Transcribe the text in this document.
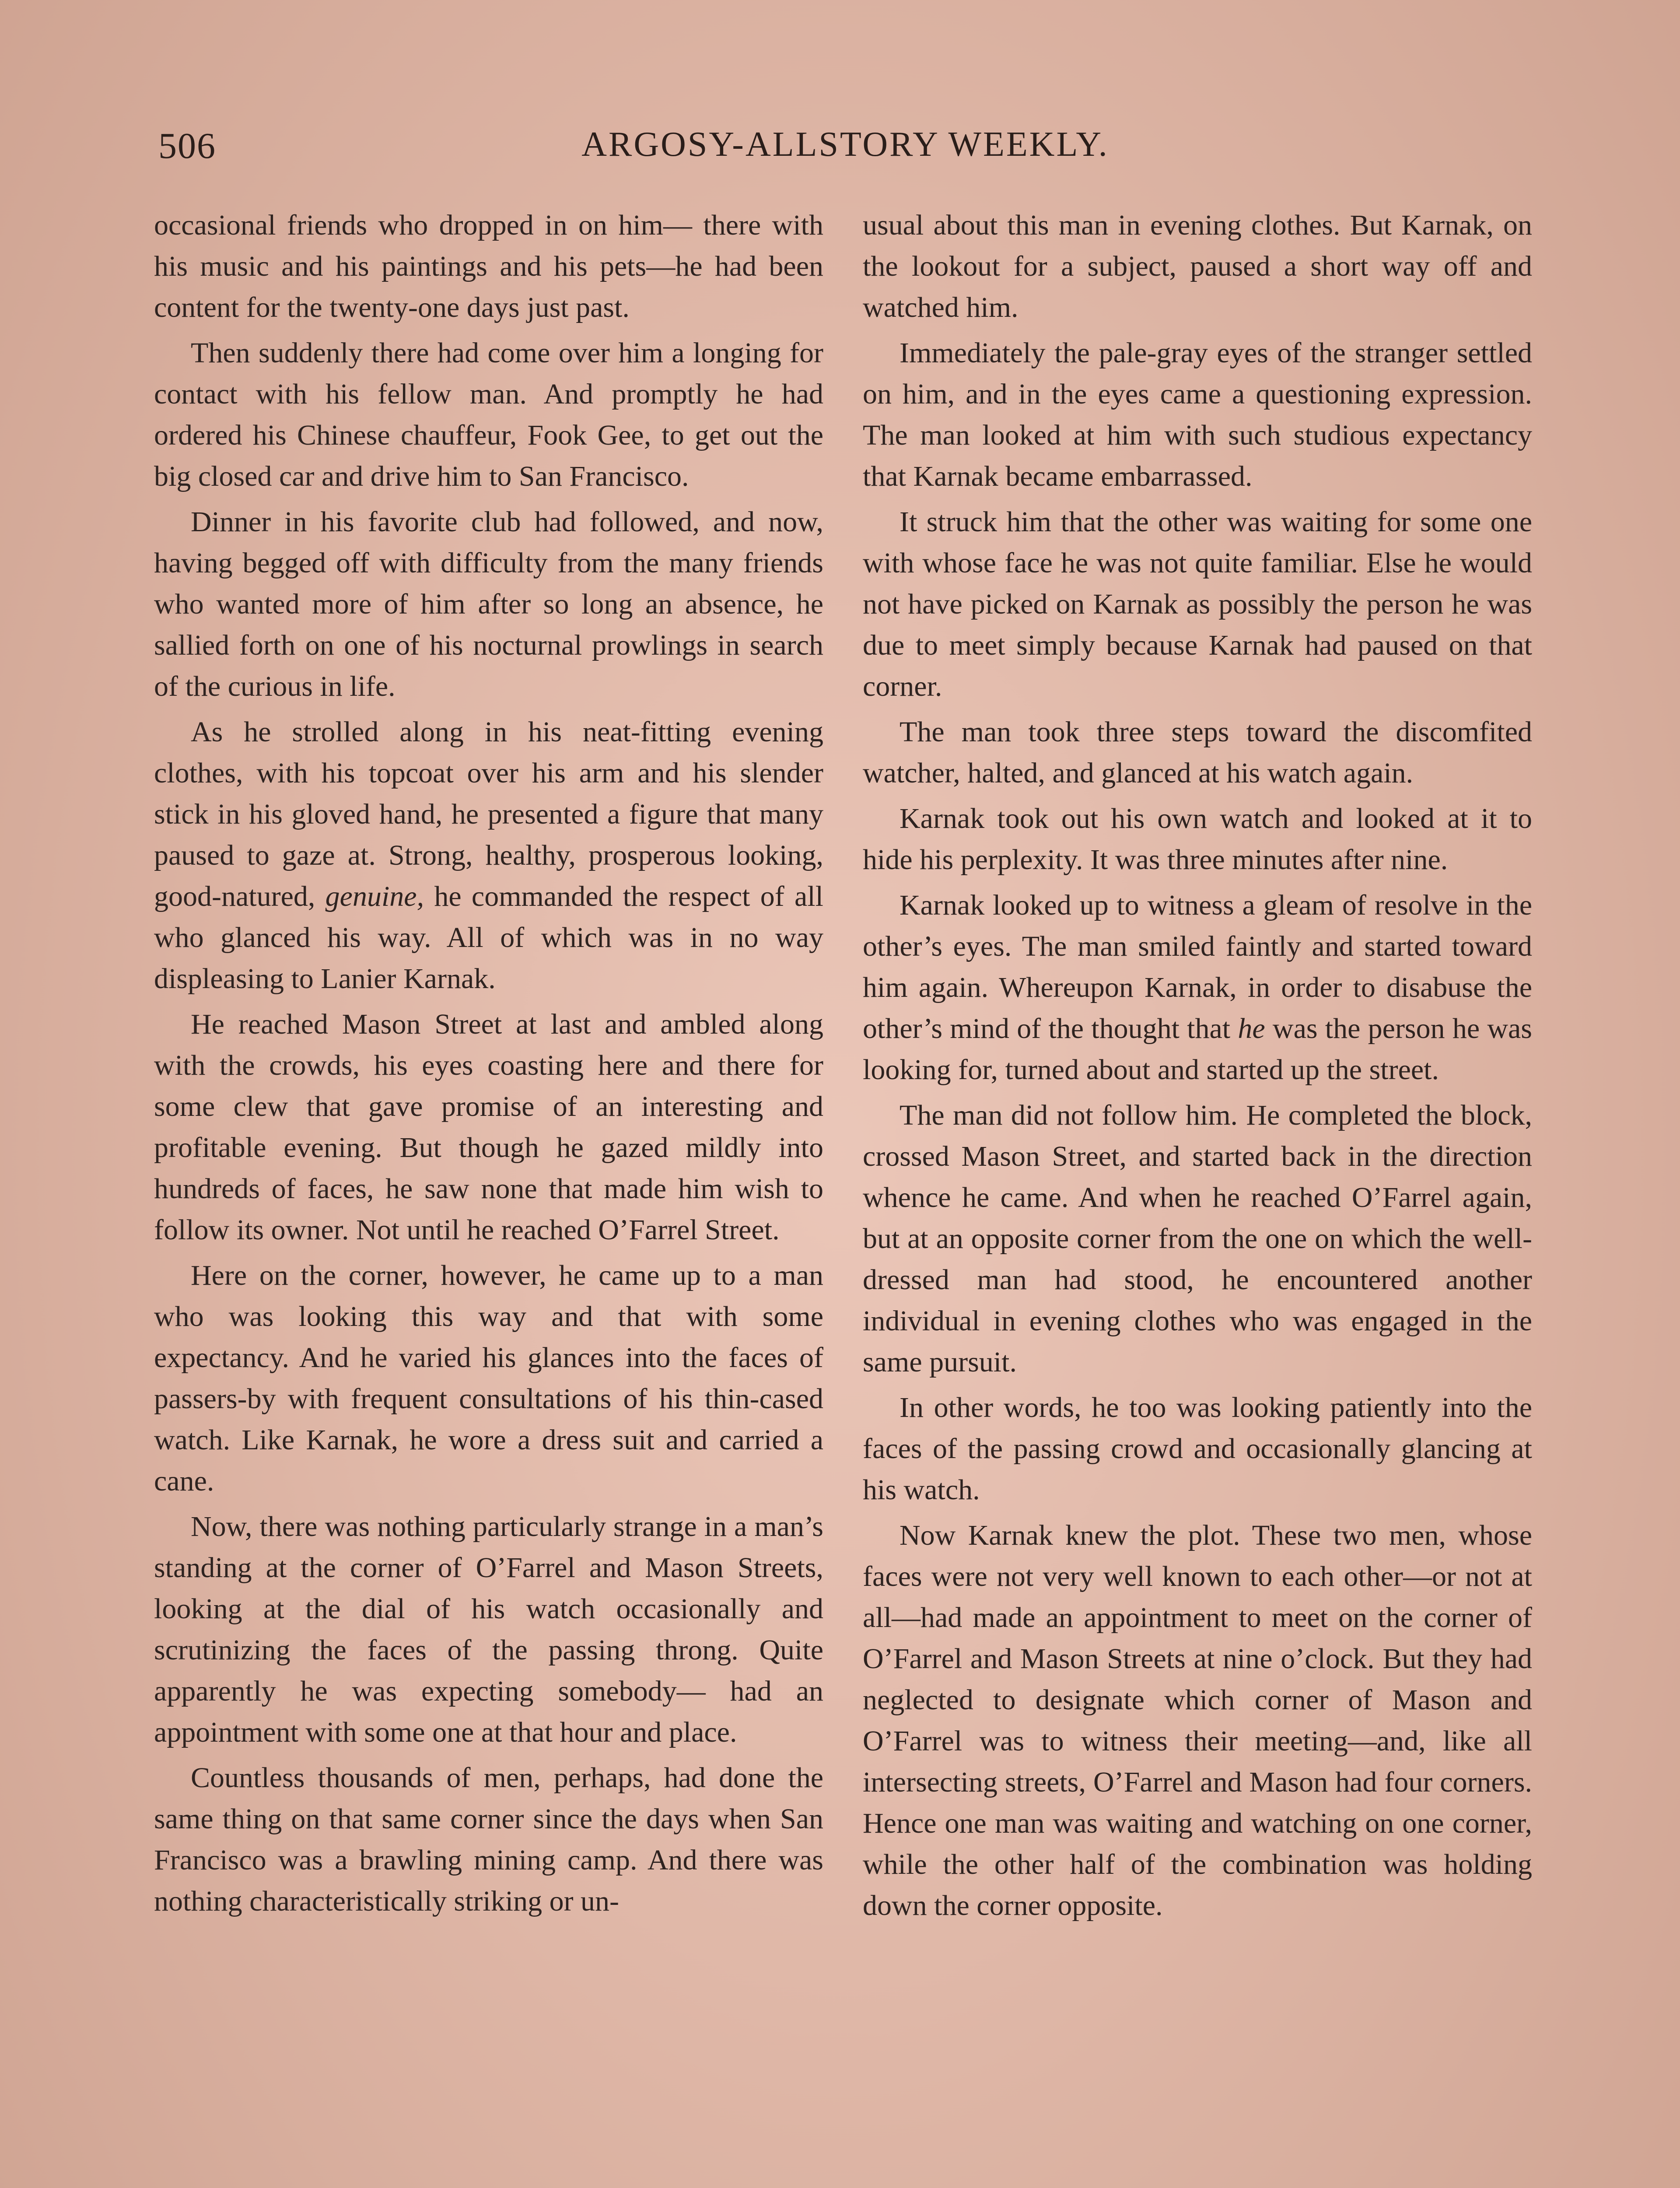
506	ARGOSY-ALLSTORY WEEKLY.

occasional friends who dropped in on him— there with his music and his paintings and his pets—he had been content for the twenty-one days just past.

Then suddenly there had come over him a longing for contact with his fellow man. And promptly he had ordered his Chinese chauffeur, Fook Gee, to get out the big closed car and drive him to San Francisco.

Dinner in his favorite club had followed, and now, having begged off with difficulty from the many friends who wanted more of him after so long an absence, he sallied forth on one of his nocturnal prowlings in search of the curious in life.

As he strolled along in his neat-fitting evening clothes, with his topcoat over his arm and his slender stick in his gloved hand, he presented a figure that many paused to gaze at. Strong, healthy, prosperous looking, good-natured, genuine, he commanded the respect of all who glanced his way. All of which was in no way displeasing to Lanier Karnak.

He reached Mason Street at last and ambled along with the crowds, his eyes coasting here and there for some clew that gave promise of an interesting and profitable evening. But though he gazed mildly into hundreds of faces, he saw none that made him wish to follow its owner. Not until he reached O’Farrel Street.

Here on the corner, however, he came up to a man who was looking this way and that with some expectancy. And he varied his glances into the faces of passers-by with frequent consultations of his thin-cased watch. Like Karnak, he wore a dress suit and carried a cane.

Now, there was nothing particularly strange in a man’s standing at the corner of O’Farrel and Mason Streets, looking at the dial of his watch occasionally and scrutinizing the faces of the passing throng. Quite apparently he was expecting somebody— had an appointment with some one at that hour and place.

Countless thousands of men, perhaps, had done the same thing on that same corner since the days when San Francisco was a brawling mining camp. And there was nothing characteristically striking or un-

usual about this man in evening clothes. But Karnak, on the lookout for a subject, paused a short way off and watched him.

Immediately the pale-gray eyes of the stranger settled on him, and in the eyes came a questioning expression. The man looked at him with such studious expectancy that Karnak became embarrassed.

It struck him that the other was waiting for some one with whose face he was not quite familiar. Else he would not have picked on Karnak as possibly the person he was due to meet simply because Karnak had paused on that corner.

The man took three steps toward the discomfited watcher, halted, and glanced at his watch again.

Karnak took out his own watch and looked at it to hide his perplexity. It was three minutes after nine.

Karnak looked up to witness a gleam of resolve in the other’s eyes. The man smiled faintly and started toward him again. Whereupon Karnak, in order to disabuse the other’s mind of the thought that he was the person he was looking for, turned about and started up the street.

The man did not follow him. He completed the block, crossed Mason Street, and started back in the direction whence he came. And when he reached O’Farrel again, but at an opposite corner from the one on which the well-dressed man had stood, he encountered another individual in evening clothes who was engaged in the same pursuit.

In other words, he too was looking patiently into the faces of the passing crowd and occasionally glancing at his watch.

Now Karnak knew the plot. These two men, whose faces were not very well known to each other—or not at all—had made an appointment to meet on the corner of O’Farrel and Mason Streets at nine o’clock. But they had neglected to designate which corner of Mason and O’Farrel was to witness their meeting—and, like all intersecting streets, O’Farrel and Mason had four corners. Hence one man was waiting and watching on one corner, while the other half of the combination was holding down the corner opposite.
